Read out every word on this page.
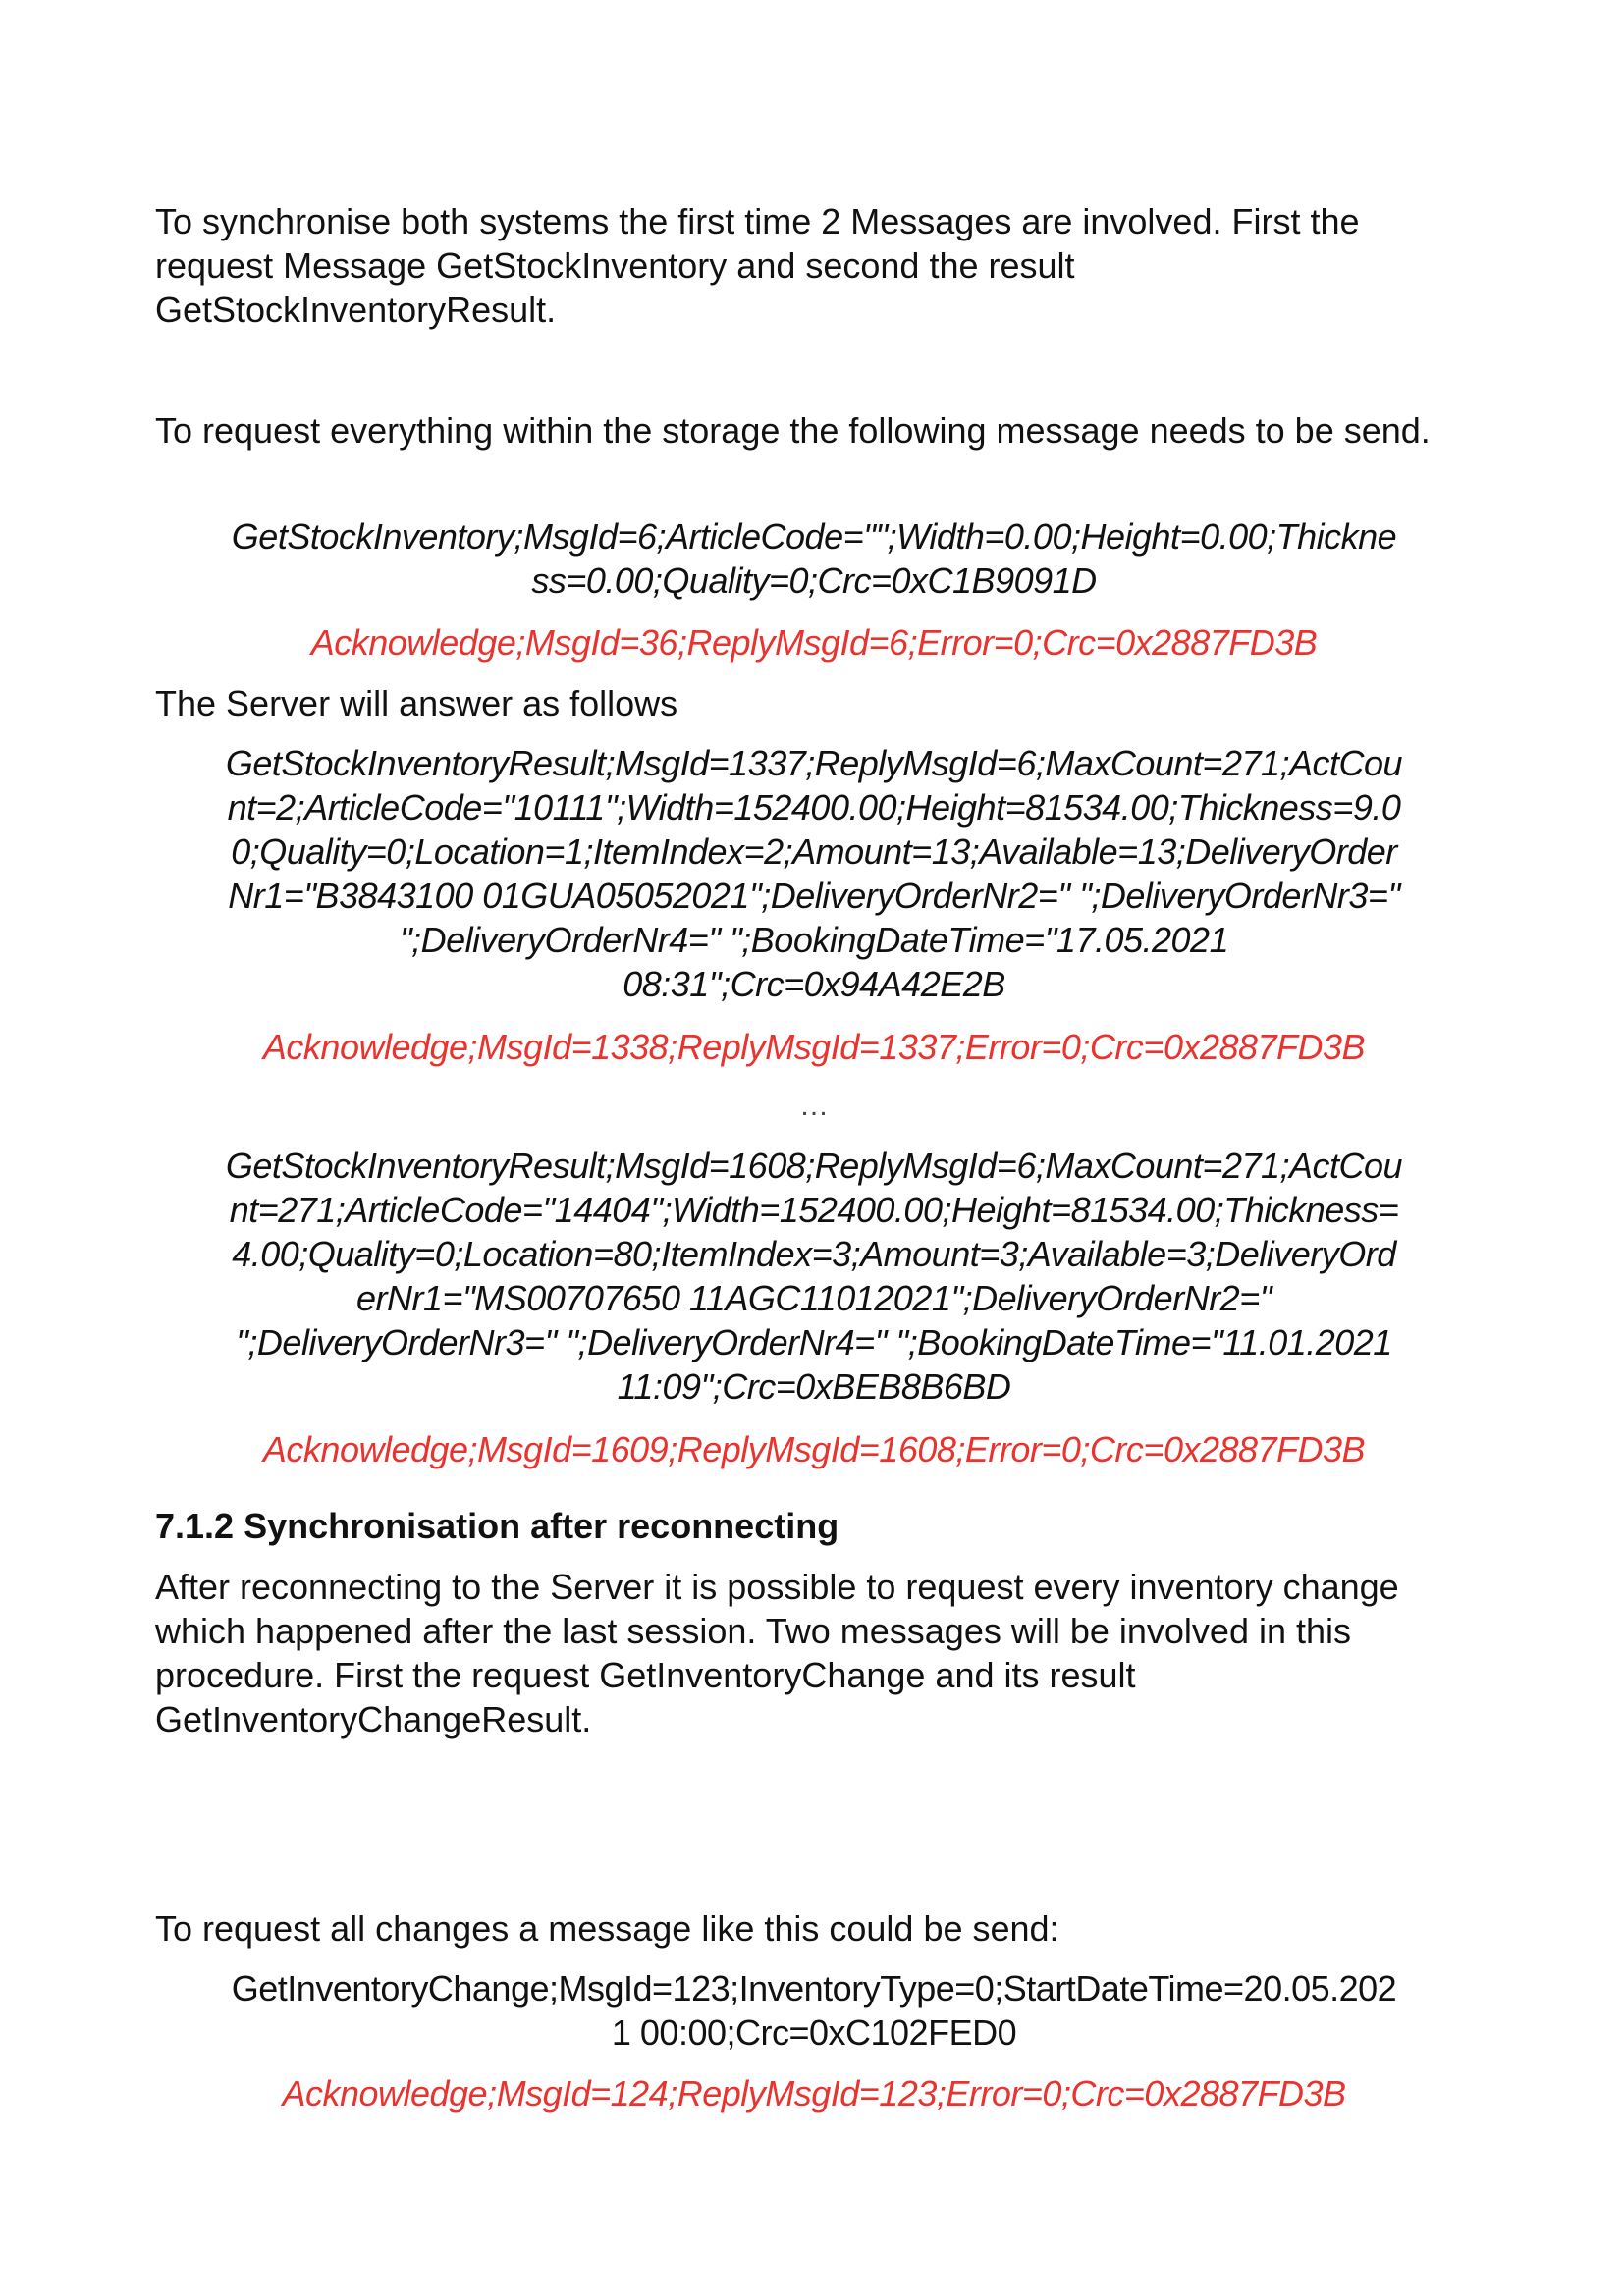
To synchronise both systems the first time 2 Messages are involved. First the request Message GetStockInventory and second the result GetStockInventoryResult.

To request everything within the storage the following message needs to be send.

GetStockInventory;MsgId=6;ArticleCode="";Width=0.00;Height=0.00;Thickne
ss=0.00;Quality=0;Crc=0xC1B9091D

Acknowledge;MsgId=36;ReplyMsgId=6;Error=0;Crc=0x2887FD3B

The Server will answer as follows

GetStockInventoryResult;MsgId=1337;ReplyMsgId=6;MaxCount=271;ActCou
nt=2;ArticleCode="10111";Width=152400.00;Height=81534.00;Thickness=9.0
0;Quality=0;Location=1;ItemIndex=2;Amount=13;Available=13;DeliveryOrder
Nr1="B3843100 01GUA05052021";DeliveryOrderNr2=" ";DeliveryOrderNr3="
";DeliveryOrderNr4=" ";BookingDateTime="17.05.2021
08:31";Crc=0x94A42E2B

Acknowledge;MsgId=1338;ReplyMsgId=1337;Error=0;Crc=0x2887FD3B

…

GetStockInventoryResult;MsgId=1608;ReplyMsgId=6;MaxCount=271;ActCou
nt=271;ArticleCode="14404";Width=152400.00;Height=81534.00;Thickness=
4.00;Quality=0;Location=80;ItemIndex=3;Amount=3;Available=3;DeliveryOrd
erNr1="MS00707650 11AGC11012021";DeliveryOrderNr2="
";DeliveryOrderNr3=" ";DeliveryOrderNr4=" ";BookingDateTime="11.01.2021
11:09";Crc=0xBEB8B6BD

Acknowledge;MsgId=1609;ReplyMsgId=1608;Error=0;Crc=0x2887FD3B

7.1.2 Synchronisation after reconnecting

After reconnecting to the Server it is possible to request every inventory change which happened after the last session. Two messages will be involved in this procedure. First the request GetInventoryChange and its result GetInventoryChangeResult.

To request all changes a message like this could be send:

GetInventoryChange;MsgId=123;InventoryType=0;StartDateTime=20.05.202
1 00:00;Crc=0xC102FED0

Acknowledge;MsgId=124;ReplyMsgId=123;Error=0;Crc=0x2887FD3B
